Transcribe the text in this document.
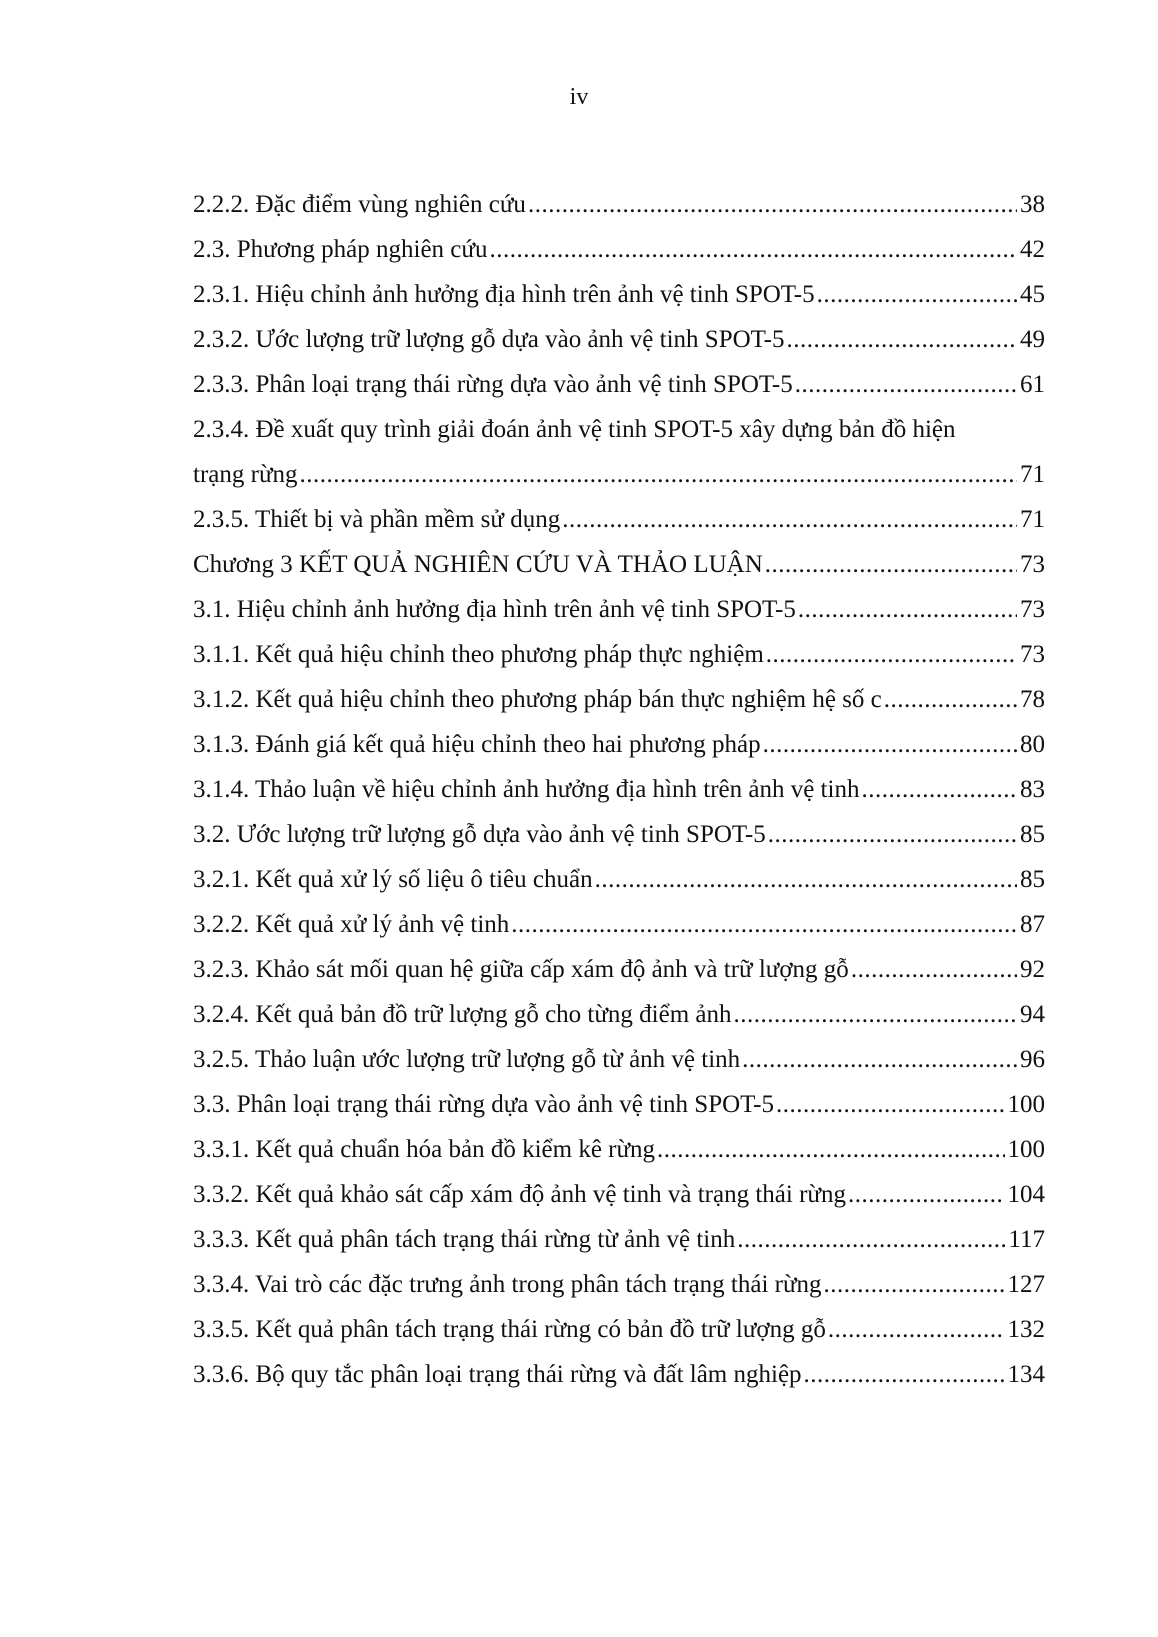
iv
2.2.2. Đặc điểm vùng nghiên cứu .....	38
2.3. Phương pháp nghiên cứu .....	42
2.3.1. Hiệu chỉnh ảnh hưởng địa hình trên ảnh vệ tinh SPOT-5 .....	45
2.3.2. Ước lượng trữ lượng gỗ dựa vào ảnh vệ tinh SPOT-5 .....	49
2.3.3. Phân loại trạng thái rừng dựa vào ảnh vệ tinh SPOT-5 .....	61
2.3.4. Đề xuất quy trình giải đoán ảnh vệ tinh SPOT-5 xây dựng bản đồ hiện
trạng rừng .....	71
2.3.5. Thiết bị và phần mềm sử dụng .....	71
Chương 3 KẾT QUẢ NGHIÊN CỨU VÀ THẢO LUẬN .....	73
3.1. Hiệu chỉnh ảnh hưởng địa hình trên ảnh vệ tinh SPOT-5 .....	73
3.1.1. Kết quả hiệu chỉnh theo phương pháp thực nghiệm .....	73
3.1.2. Kết quả hiệu chỉnh theo phương pháp bán thực nghiệm hệ số c .....	78
3.1.3. Đánh giá kết quả hiệu chỉnh theo hai phương pháp .....	80
3.1.4. Thảo luận về hiệu chỉnh ảnh hưởng địa hình trên ảnh vệ tinh .....	83
3.2. Ước lượng trữ lượng gỗ dựa vào ảnh vệ tinh SPOT-5 .....	85
3.2.1. Kết quả xử lý số liệu ô tiêu chuẩn .....	85
3.2.2. Kết quả xử lý ảnh vệ tinh .....	87
3.2.3. Khảo sát mối quan hệ giữa cấp xám độ ảnh và trữ lượng gỗ .....	92
3.2.4. Kết quả bản đồ trữ lượng gỗ cho từng điểm ảnh .....	94
3.2.5. Thảo luận ước lượng trữ lượng gỗ từ ảnh vệ tinh .....	96
3.3. Phân loại trạng thái rừng dựa vào ảnh vệ tinh SPOT-5 .....	100
3.3.1. Kết quả chuẩn hóa bản đồ kiểm kê rừng .....	100
3.3.2. Kết quả khảo sát cấp xám độ ảnh vệ tinh và trạng thái rừng .....	104
3.3.3. Kết quả phân tách trạng thái rừng từ ảnh vệ tinh .....	117
3.3.4. Vai trò các đặc trưng ảnh trong phân tách trạng thái rừng .....	127
3.3.5. Kết quả phân tách trạng thái rừng có bản đồ trữ lượng gỗ .....	132
3.3.6. Bộ quy tắc phân loại trạng thái rừng và đất lâm nghiệp .....	134
